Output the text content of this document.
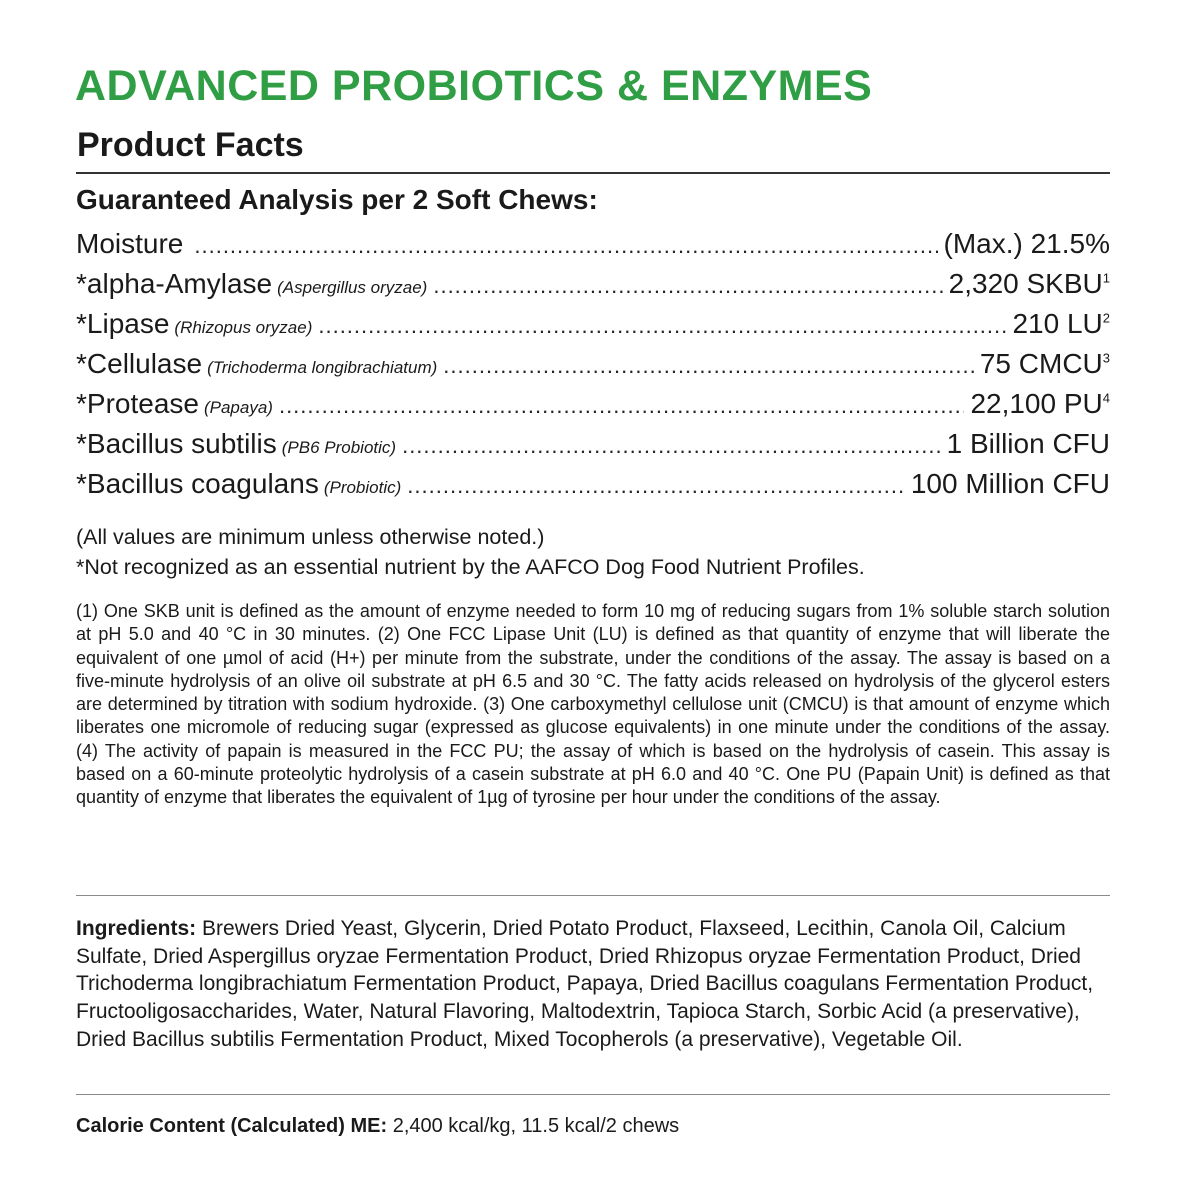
ADVANCED PROBIOTICS & ENZYMES
Product Facts
Guaranteed Analysis per 2 Soft Chews:
Moisture .....	(Max.) 21.5%
*alpha-Amylase (Aspergillus oryzae) .....	2,320 SKBU$^1$
*Lipase (Rhizopus oryzae) .....	210 $LU^2$
*Cellulase (Trichoderma longibrachiatum) .....	75 CMCU$^3$
*Protease (Papaya) .....	22,100 $PU^4$
*Bacillus subtilis (PB6 Probiotic) .....	1 Billion CFU
*Bacillus coagulans (Probiotic) .....	100 Million CFU
(All values are minimum unless otherwise noted.)
*Not recognized as an essential nutrient by the AAFCO Dog Food Nutrient Profiles.
(1) One SKB unit is defined as the amount of enzyme needed to form 10 mg of reducing sugars from 1% soluble starch solution at pH 5.0 and 40 °C in 30 minutes. (2) One FCC Lipase Unit (LU) is defined as that quantity of enzyme that will liberate the equivalent of one µmol of acid (H+) per minute from the substrate, under the conditions of the assay. The assay is based on a five-minute hydrolysis of an olive oil substrate at pH 6.5 and 30 °C. The fatty acids released on hydrolysis of the glycerol esters are determined by titration with sodium hydroxide. (3) One carboxymethyl cellulose unit (CMCU) is that amount of enzyme which liberates one micromole of reducing sugar (expressed as glucose equivalents) in one minute under the conditions of the assay. (4) The activity of papain is measured in the FCC PU; the assay of which is based on the hydrolysis of casein. This assay is based on a 60-minute proteolytic hydrolysis of a casein substrate at pH 6.0 and 40 °C. One PU (Papain Unit) is defined as that quantity of enzyme that liberates the equivalent of 1µg of tyrosine per hour under the conditions of the assay.
Ingredients: Brewers Dried Yeast, Glycerin, Dried Potato Product, Flaxseed, Lecithin, Canola Oil, Calcium Sulfate, Dried Aspergillus oryzae Fermentation Product, Dried Rhizopus oryzae Fermentation Product, Dried Trichoderma longibrachiatum Fermentation Product, Papaya, Dried Bacillus coagulans Fermentation Product, Fructooligosaccharides, Water, Natural Flavoring, Maltodextrin, Tapioca Starch, Sorbic Acid (a preservative), Dried Bacillus subtilis Fermentation Product, Mixed Tocopherols (a preservative), Vegetable Oil.
Calorie Content (Calculated) ME: 2,400 kcal/kg, 11.5 kcal/2 chews
